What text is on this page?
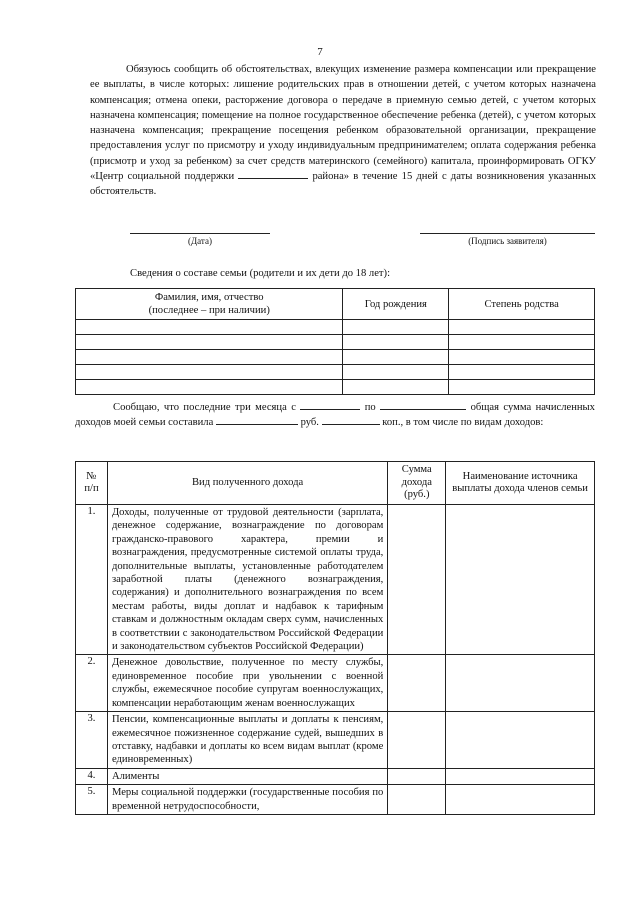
7

Обязуюсь сообщить об обстоятельствах, влекущих изменение размера компенсации или прекращение ее выплаты, в числе которых: лишение родительских прав в отношении детей, с учетом которых назначена компенсация; отмена опеки, расторжение договора о передаче в приемную семью детей, с учетом которых назначена компенсация; помещение на полное государственное обеспечение ребенка (детей), с учетом которых назначена компенсация; прекращение посещения ребенком образовательной организации, прекращение предоставления услуг по присмотру и уходу индивидуальным предпринимателем; оплата содержания ребенка (присмотр и уход за ребенком) за счет средств материнского (семейного) капитала, проинформировать ОГКУ «Центр социальной поддержки	района» в течение 15 дней с даты возникновения указанных обстоятельств.

(Дата)	(Подпись заявителя)
Сведения о составе семьи (родители и их дети до 18 лет):
Фамилия, имя, отчество
(последнее – при наличии)	Год рождения	Степень родства

Сообщаю, что последние три месяца с	по	общая сумма начисленных доходов моей семьи составила	руб.	коп., в том числе по видам доходов:

№
п/п	Вид полученного дохода	Сумма дохода (руб.)	Наименование источника выплаты дохода членов семьи
1.	Доходы, полученные от трудовой деятельности (зарплата, денежное содержание, вознаграждение по договорам гражданско-правового характера, премии и вознаграждения, предусмотренные системой оплаты труда, дополнительные выплаты, установленные работодателем заработной платы (денежного вознаграждения, содержания) и дополнительного вознаграждения по всем местам работы, виды доплат и надбавок к тарифным ставкам и должностным окладам сверх сумм, начисленных в соответствии с законодательством Российской Федерации и законодательством субъектов Российской Федерации)		
2.	Денежное довольствие, полученное по месту службы, единовременное пособие при увольнении с военной службы, ежемесячное пособие супругам военнослужащих, компенсации неработающим женам военнослужащих		
3.	Пенсии, компенсационные выплаты и доплаты к пенсиям, ежемесячное пожизненное содержание судей, вышедших в отставку, надбавки и доплаты ко всем видам выплат (кроме единовременных)		
4.	Алименты		
5.	Меры социальной поддержки (государственные пособия по временной нетрудоспособности,		
